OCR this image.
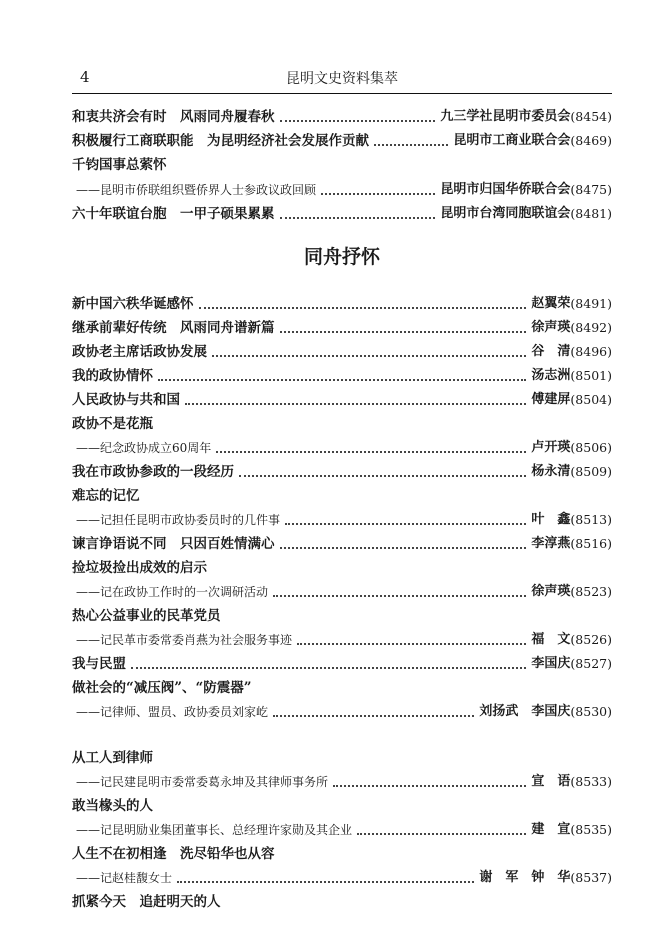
4	昆明文史资料集萃
同舟抒怀
和衷共济会有时　风雨同舟履春秋	九三学社昆明市委员会 (8454)
积极履行工商联职能　为昆明经济社会发展作贡献	昆明市工商业联合会 (8469)
千钧国事总萦怀
——昆明市侨联组织暨侨界人士参政议政回顾	昆明市归国华侨联合会 (8475)
六十年联谊台胞　一甲子硕果累累	昆明市台湾同胞联谊会 (8481)
新中国六秩华诞感怀	赵翼荣 (8491)
继承前辈好传统　风雨同舟谱新篇	徐声瑛 (8492)
政协老主席话政协发展	谷　清 (8496)
我的政协情怀	汤志洲 (8501)
人民政协与共和国	傅建屏 (8504)
政协不是花瓶
——纪念政协成立60周年	卢开瑛 (8506)
我在市政协参政的一段经历	杨永清 (8509)
难忘的记忆
——记担任昆明市政协委员时的几件事	叶　鑫 (8513)
谏言诤语说不同　只因百姓情满心	李淳燕 (8516)
捡垃圾捡出成效的启示
——记在政协工作时的一次调研活动	徐声瑛 (8523)
热心公益事业的民革党员
——记民革市委常委肖燕为社会服务事迹	福　文 (8526)
我与民盟	李国庆 (8527)
做社会的“减压阀”、“防震器”
——记律师、盟员、政协委员刘家屹	刘扬武　李国庆 (8530)
从工人到律师
——记民建昆明市委常委葛永坤及其律师事务所	宣　语 (8533)
敢当椽头的人
——记昆明励业集团董事长、总经理许家勋及其企业	建　宣 (8535)
人生不在初相逢　洗尽铅华也从容
——记赵桂馥女士	谢　军　钟　华 (8537)
抓紧今天　追赶明天的人
